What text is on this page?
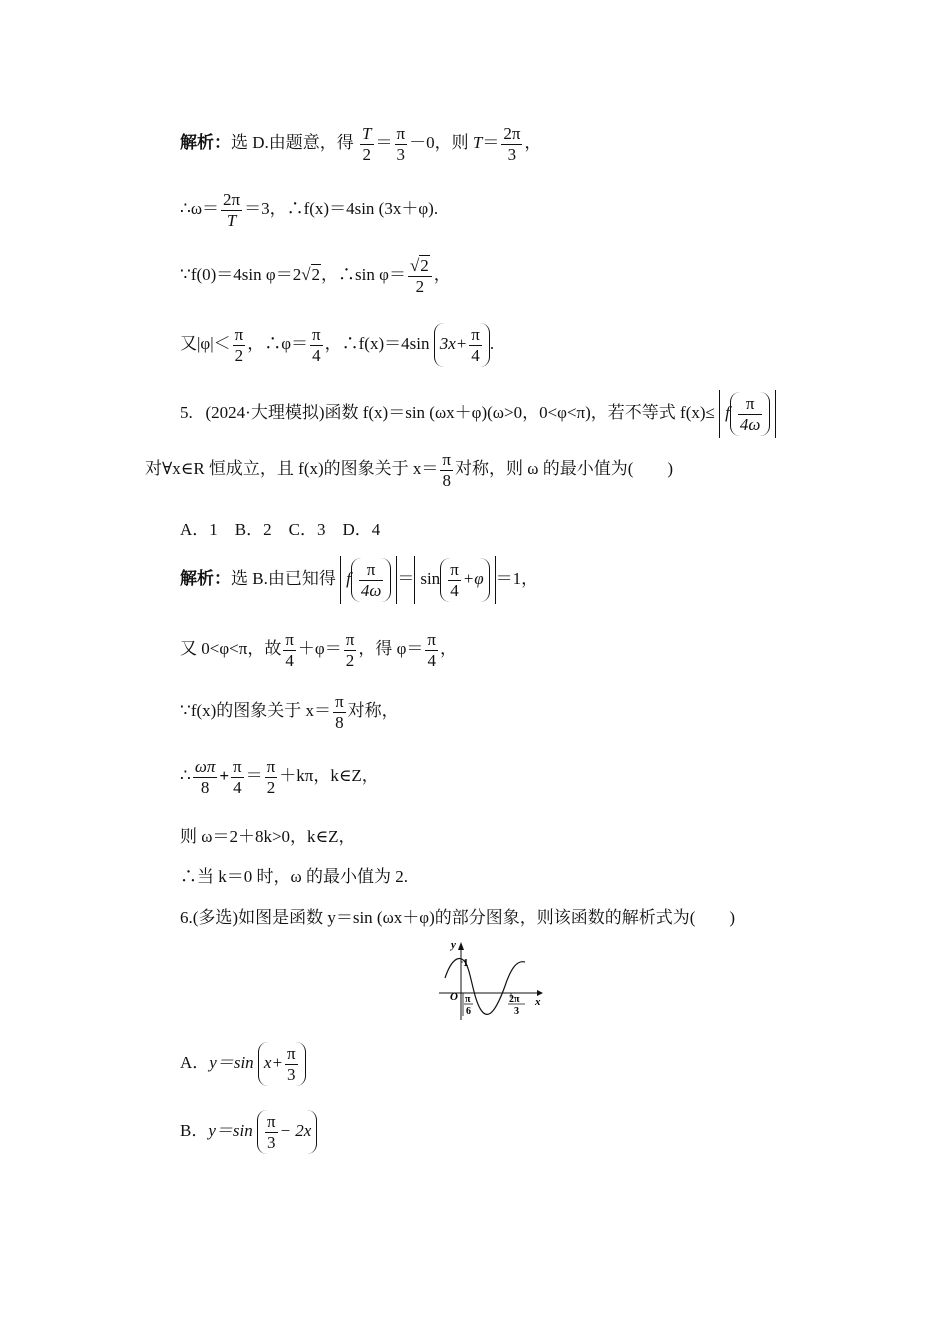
解析：选 D.由题意，得 $\frac{T}{2} = \frac{\pi}{3} -0$，则 $T= \frac{2\pi}{3}$ ，
∴ω＝ $\frac{2\pi}{T} =3$，∴f(x)＝4sin (3x＋φ).
∵f(0)＝4sin φ＝2√2，∴sin $\varphi= \frac{√2}{2}$ ，
又$|\varphi|< \frac{\pi}{2}$ ，∴φ＝ $\frac{\pi}{4}$ ，∴f(x)＝4sin $3x+ \frac{\pi}{4}$ .
5.   (2024·大理模拟)函数 f(x)＝sin (ωx＋φ)(ω>0，0<φ<π)，若不等式 f(x)≤ f $\frac{\pi}{4\omega}$
对∀x∈R 恒成立，且 f(x)的图象关于 $x= \frac{\pi}{8}$ 对称，则 ω 的最小值为(　　)
A．1　B．2　C．3　D．4
解析：选 B.由已知得 f $\frac{\pi}{4\omega} = \sin \frac{\pi}{4} +\varphi =1$，
又 0<φ<π，故 $\frac{\pi}{4} +\varphi= \frac{\pi}{2}$ ，得 $\varphi= \frac{\pi}{4}$ ，
∵f(x)的图象关于 $x= \frac{\pi}{8}$ 对称，
∴ $\frac{\omega\pi}{8} + \frac{\pi}{4} = \frac{\pi}{2} +k\pi$，k∈Z，
则 ω＝2＋8k>0，k∈Z，
∴当 k＝0 时，ω 的最小值为 2.
6.(多选)如图是函数 y＝sin (ωx＋φ)的部分图象，则该函数的解析式为(　　)
y
x
O
1
π
6
2π
3
A．y＝sin $x+ \frac{\pi}{3}$
B．$y=\sin \frac{\pi}{3} - 2x$
